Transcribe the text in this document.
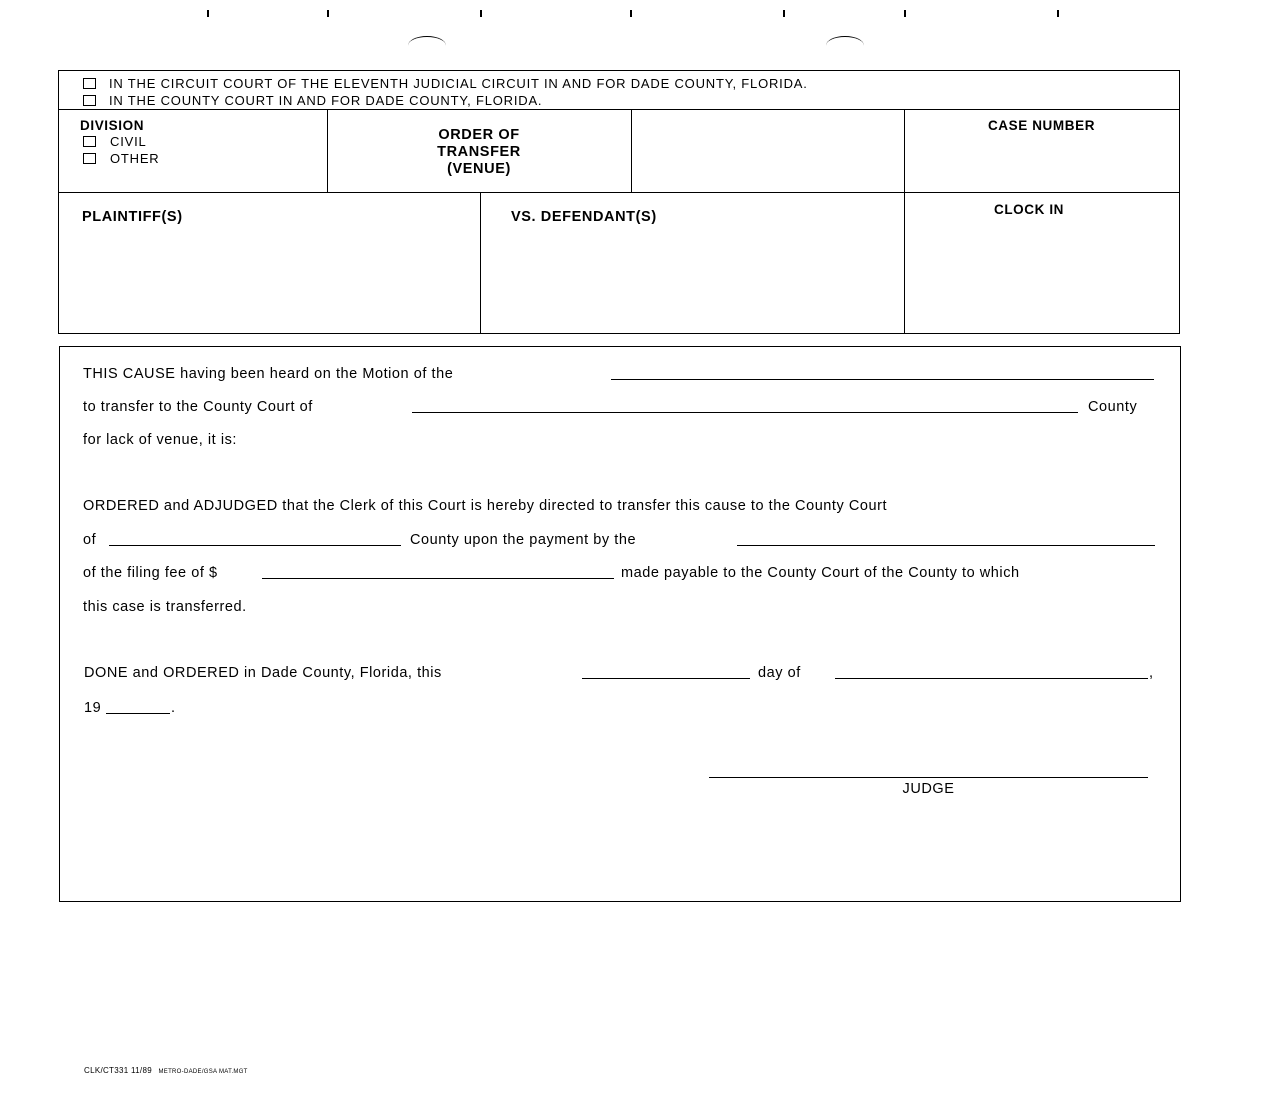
IN THE CIRCUIT COURT OF THE ELEVENTH JUDICIAL CIRCUIT IN AND FOR DADE COUNTY, FLORIDA.
IN THE COUNTY COURT IN AND FOR DADE COUNTY, FLORIDA.
DIVISION
CIVIL
OTHER
ORDER OF
TRANSFER
(VENUE)
CASE NUMBER
PLAINTIFF(S)	VS. DEFENDANT(S)	CLOCK IN
THIS CAUSE having been heard on the Motion of the
to transfer to the County Court of	County
for lack of venue, it is:
ORDERED and ADJUDGED that the Clerk of this Court is hereby directed to transfer this cause to the County Court
of	County upon the payment by the
of the filing fee of $	made payable to the County Court of the County to which
this case is transferred.
DONE and ORDERED in Dade County, Florida, this	day of	,
19	.
JUDGE
CLK/CT331 11/89 METRO-DADE/GSA MAT.MGT
